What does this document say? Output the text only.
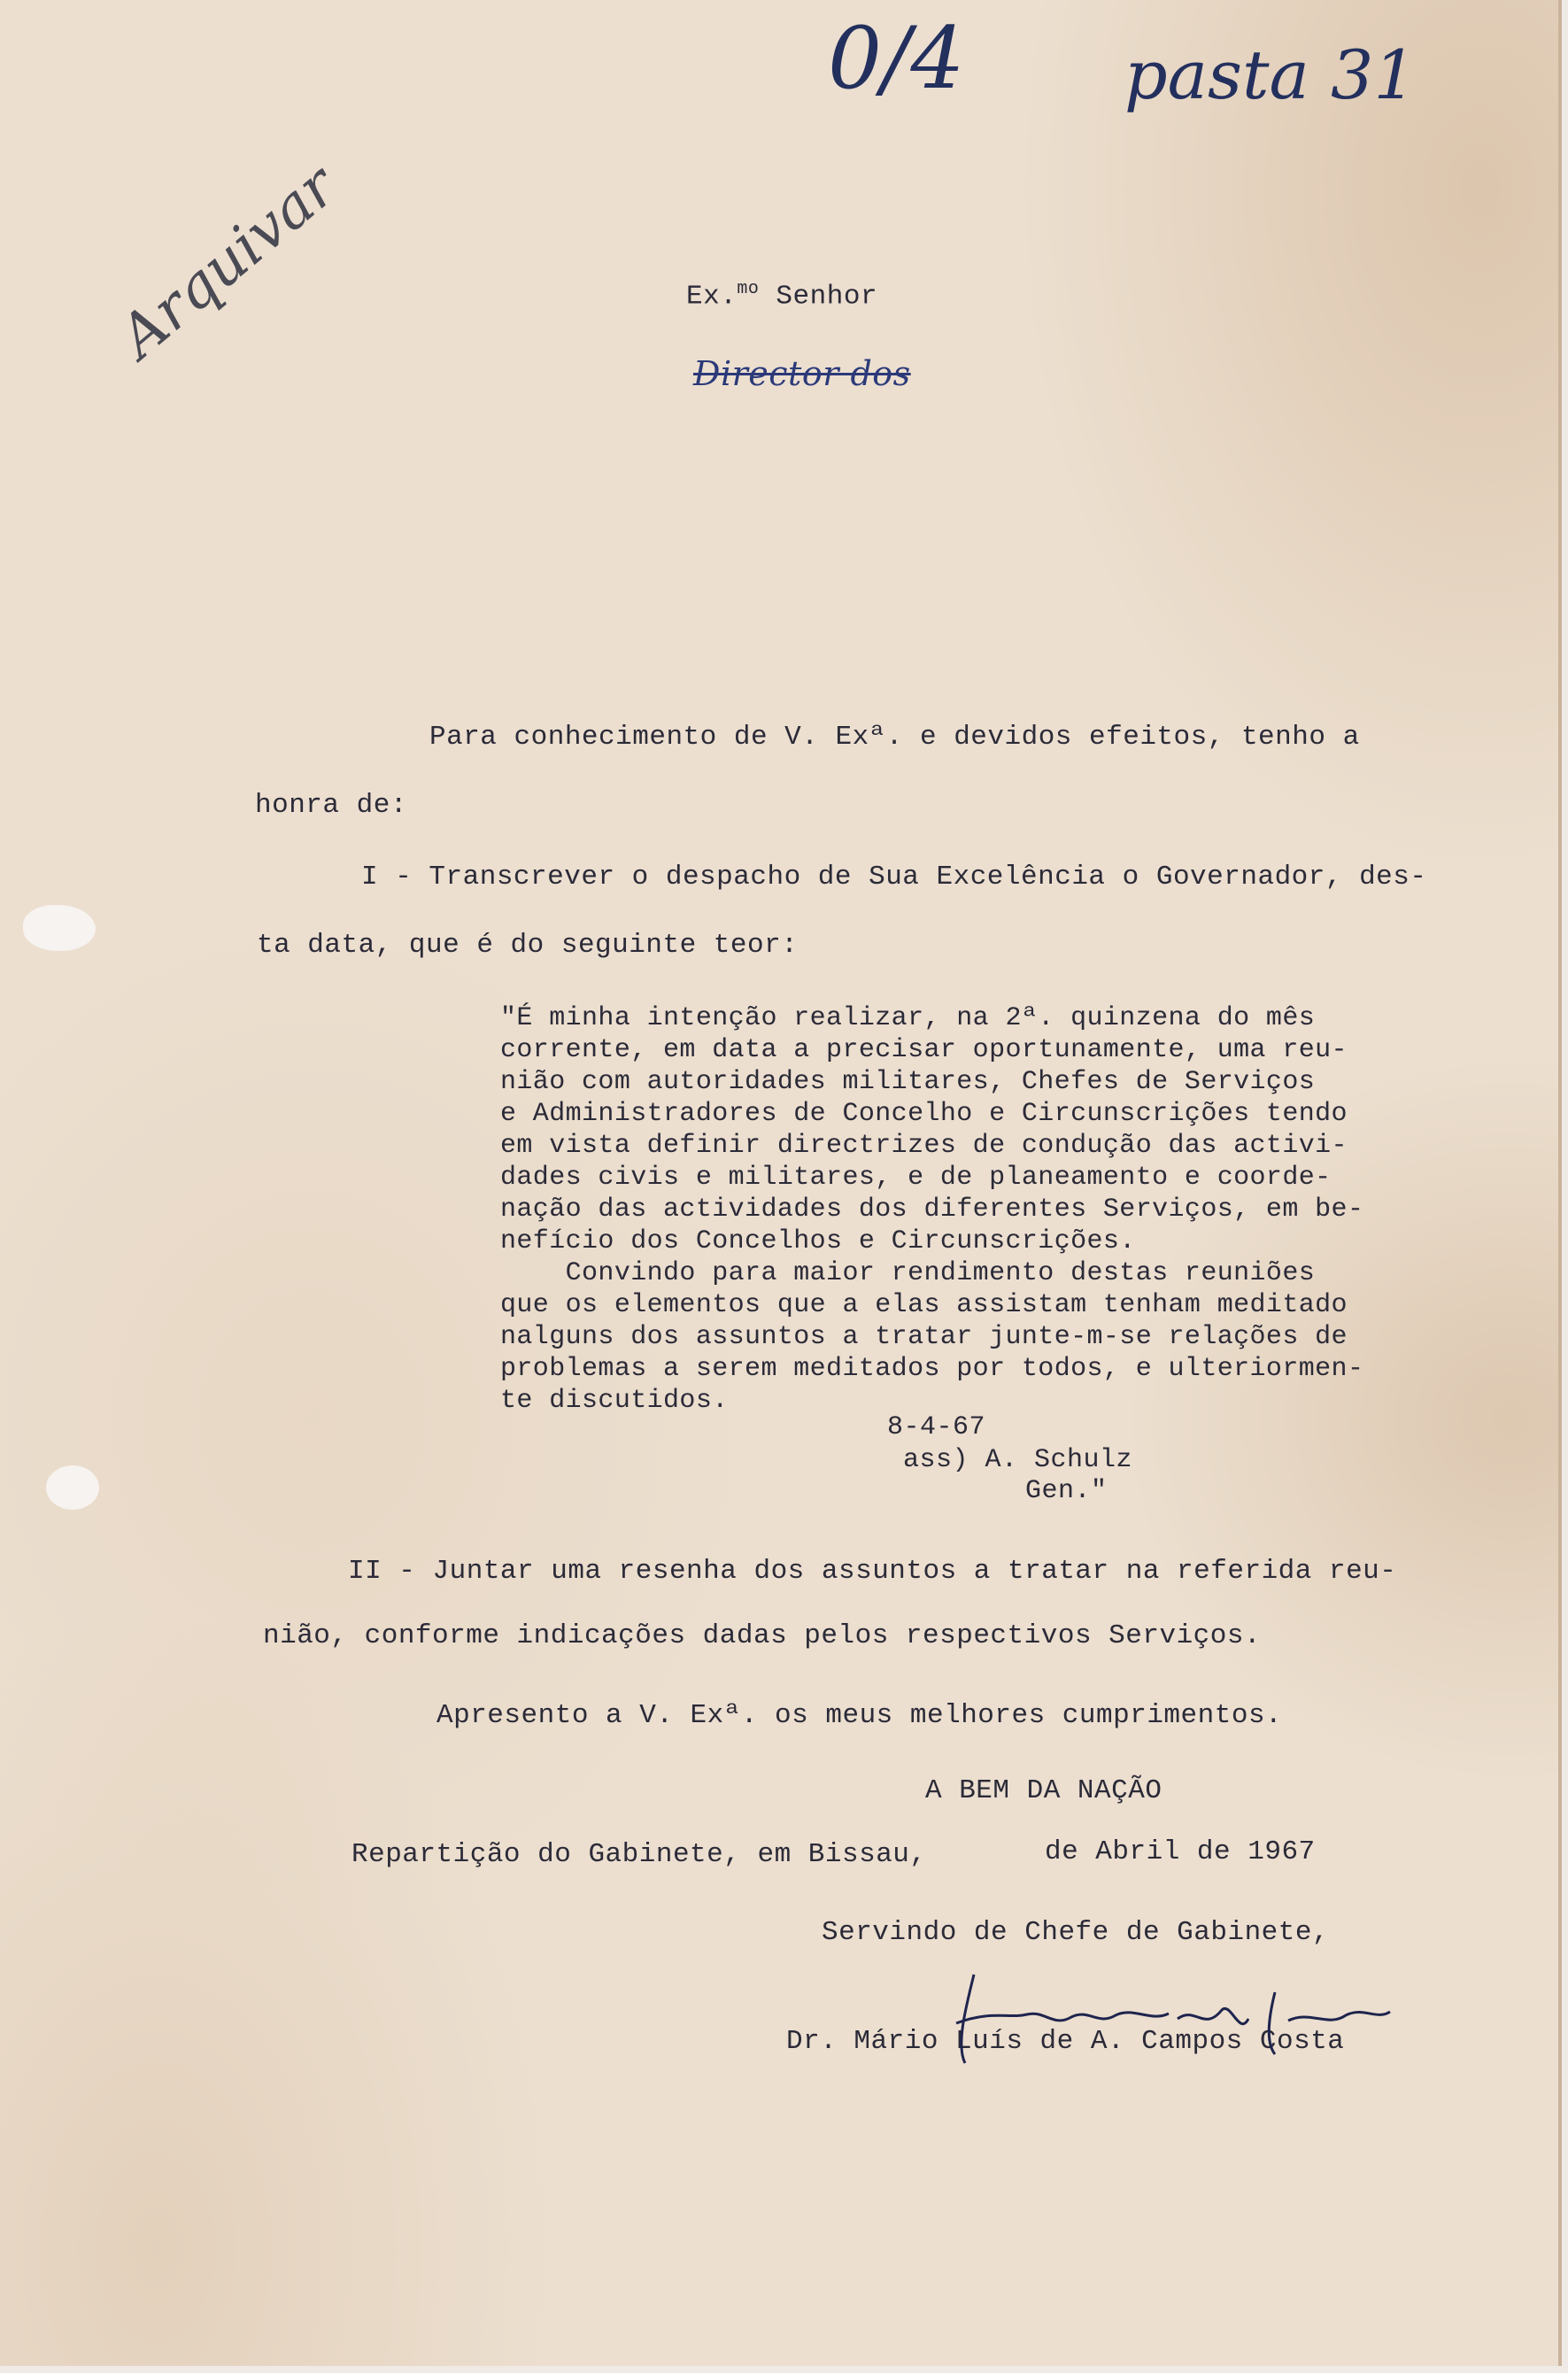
0/4 pasta 31
Arquivar	Ex.$^{mo}$ Senhor
Director dos
Para conhecimento de V. Exª. e devidos efeitos, tenho a
honra de:
I - Transcrever o despacho de Sua Excelência o Governador, des-
ta data, que é do seguinte teor:
"É minha intenção realizar, na 2ª. quinzena do mês
corrente, em data a precisar oportunamente, uma reu-
nião com autoridades militares, Chefes de Serviços
e Administradores de Concelho e Circunscrições tendo
em vista definir directrizes de condução das activi-
dades civis e militares, e de planeamento e coorde-
nação das actividades dos diferentes Serviços, em be-
nefício dos Concelhos e Circunscrições.
Convindo para maior rendimento destas reuniões
que os elementos que a elas assistam tenham meditado
nalguns dos assuntos a tratar junte-m-se relações de
problemas a serem meditados por todos, e ulteriormen-
te discutidos.
8-4-67
ass) A. Schulz
Gen."
II - Juntar uma resenha dos assuntos a tratar na referida reu-
nião, conforme indicações dadas pelos respectivos Serviços.
Apresento a V. Exª. os meus melhores cumprimentos.
A BEM DA NAÇÃO
Repartição do Gabinete, em Bissau,	de Abril de 1967
Servindo de Chefe de Gabinete,
Dr. Mário Luís de A. Campos Costa
